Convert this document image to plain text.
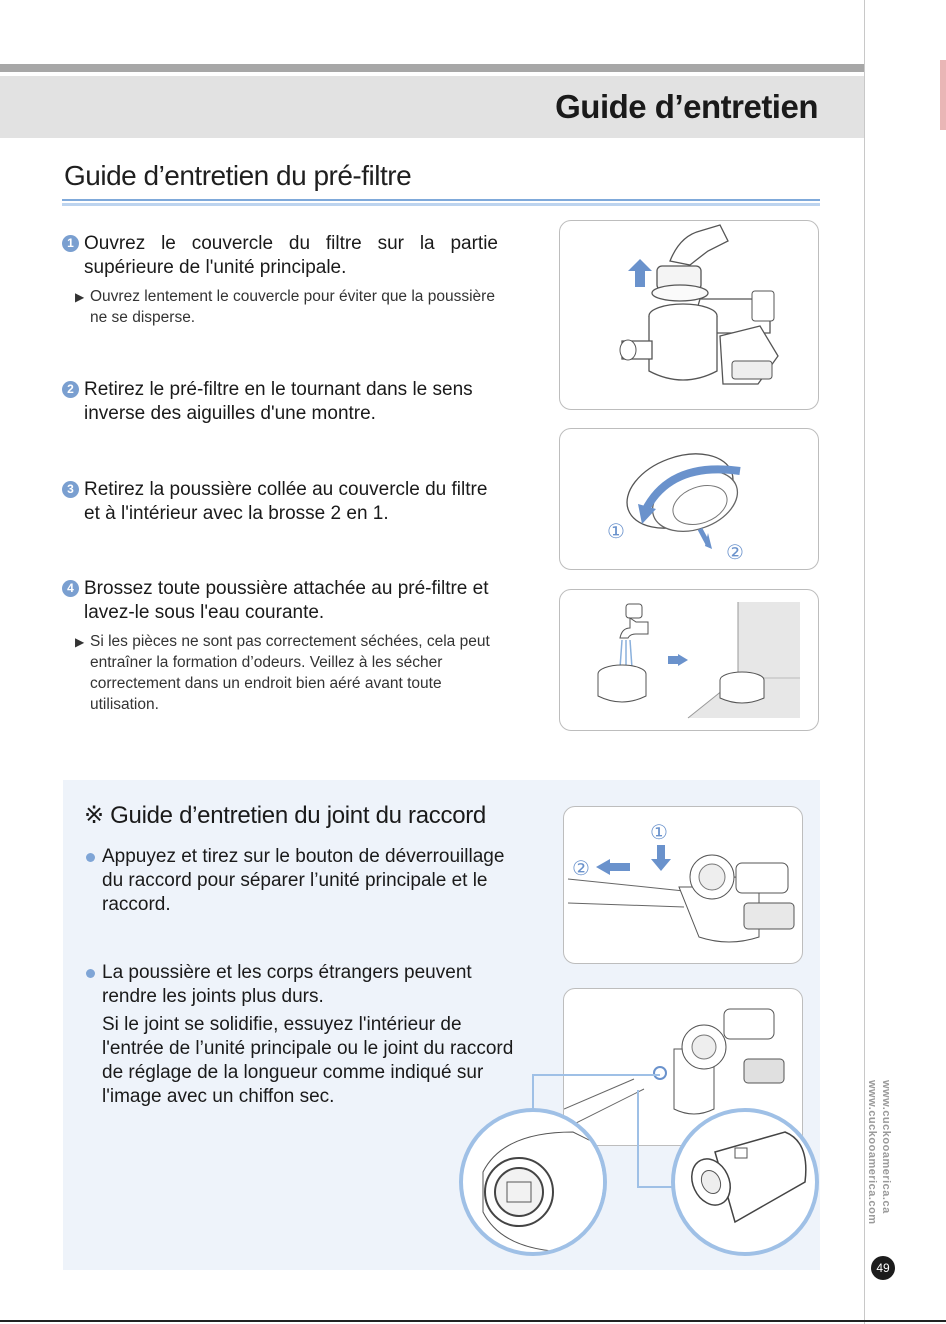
Guide d’entretien
Guide d’entretien du pré-filtre
1 Ouvrez le couvercle du filtre sur la partie supérieure de l'unité principale.
▶ Ouvrez lentement le couvercle pour éviter que la poussière ne se disperse.
2 Retirez le pré-filtre en le tournant dans le sens inverse des aiguilles d'une montre.
3 Retirez la poussière collée au couvercle du filtre et à l'intérieur avec la brosse 2 en 1.
4 Brossez toute poussière attachée au pré-filtre et lavez-le sous l'eau courante.
▶ Si les pièces ne sont pas correctement séchées, cela peut entraîner la formation d’odeurs. Veillez à les sécher correctement dans un endroit bien aéré avant toute utilisation.
①
②
※ Guide d’entretien du joint du raccord
Appuyez et tirez sur le bouton de déverrouillage du raccord pour séparer l’unité principale et le raccord.
La poussière et les corps étrangers peuvent rendre les joints plus durs.
Si le joint se solidifie, essuyez l'intérieur de l'entrée de l’unité principale ou le joint du raccord de réglage de la longueur comme indiqué sur l'image avec un chiffon sec.
①
②
www.cuckooamerica.com www.cuckooamerica.ca
49
